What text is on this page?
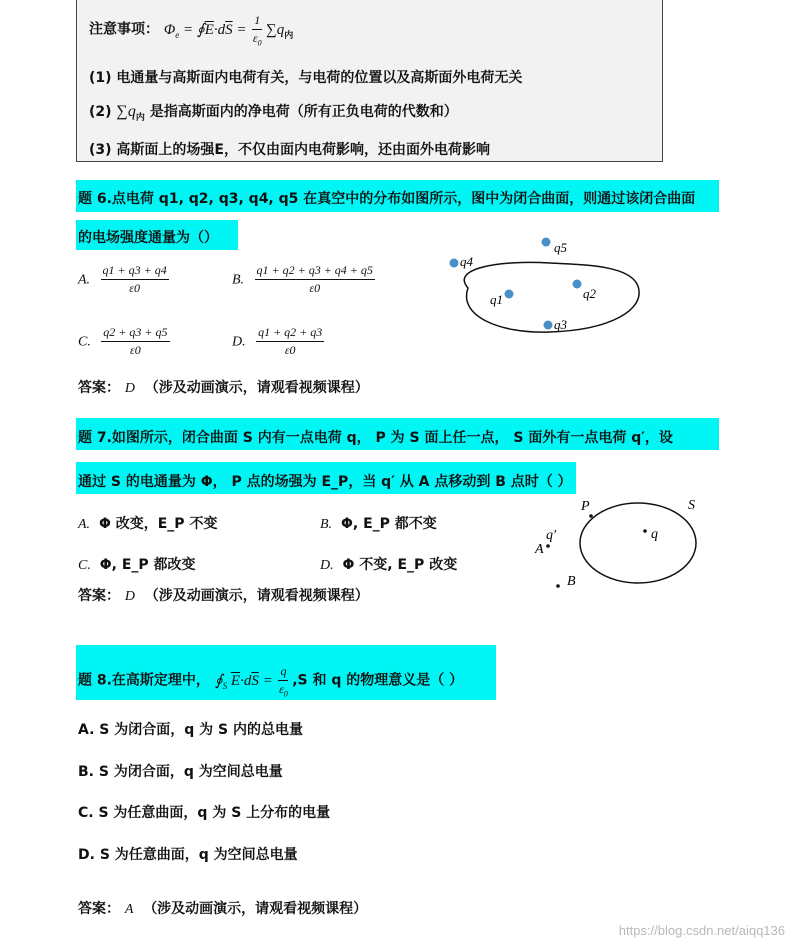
注意事项： $\Phi_e$ = $∮\overline{E}\cdot d\overline{S} = \frac{1}{\varepsilon_0} \sum q_内$
(1) 电通量与高斯面内电荷有关，与电荷的位置以及高斯面外电荷无关
(2) $\sum q_内$ 是指高斯面内的净电荷（所有正负电荷的代数和）
(3) 高斯面上的场强E，不仅由面内电荷影响，还由面外电荷影响
题 6.点电荷 q1, q2, q3, q4, q5 在真空中的分布如图所示，图中为闭合曲面，则通过该闭合曲面
的电场强度通量为（）
A. $\frac{q1 + q3 + q4}{\varepsilon 0}$	B. $\frac{q1 + q2 + q3 + q4 + q5}{\varepsilon 0}$
C. $\frac{q2 + q3 + q5}{\varepsilon 0}$	D. $\frac{q1 + q2 + q3}{\varepsilon 0}$
q4
q5
q1	q2
q3
答案： D （涉及动画演示，请观看视频课程）
题 7.如图所示，闭合曲面 S 内有一点电荷 q， P 为 S 面上任一点， S 面外有一点电荷 q′，设
通过 S 的电通量为 Φ， P 点的场强为 E_P，当 q′ 从 A 点移动到 B 点时（ ）
A. Φ 改变，E_P 不变	B. Φ, E_P 都不变
C. Φ, E_P 都改变	D. Φ 不变, E_P 改变
P	S
q
q′
A
B
答案： D （涉及动画演示，请观看视频课程）
题 8.在高斯定理中， $∮_S$ $\overline{E}\cdot d\overline{S} = \frac{q}{\varepsilon_0} ,S$ 和 q 的物理意义是（ ）
A. S 为闭合面，q 为 S 内的总电量
B. S 为闭合面，q 为空间总电量
C. S 为任意曲面，q 为 S 上分布的电量
D. S 为任意曲面，q 为空间总电量
答案： A （涉及动画演示，请观看视频课程）
https://blog.csdn.net/aiqq136
